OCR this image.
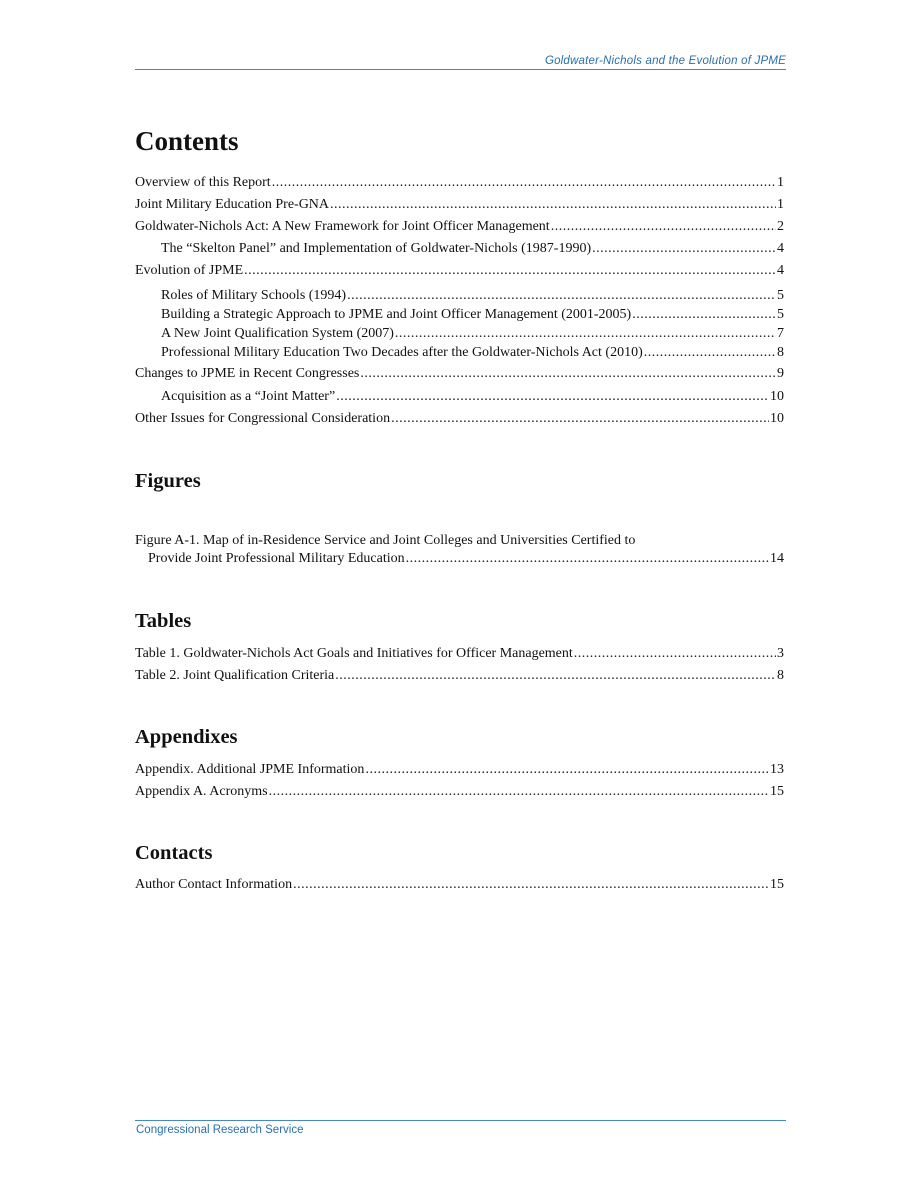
Goldwater-Nichols and the Evolution of JPME
Contents
Overview of this Report .....	1
Joint Military Education Pre-GNA .....	1
Goldwater-Nichols Act: A New Framework for Joint Officer Management .....	2
The “Skelton Panel” and Implementation of Goldwater-Nichols (1987-1990) .....	4
Evolution of JPME .....	4
Roles of Military Schools (1994) .....	5
Building a Strategic Approach to JPME and Joint Officer Management (2001-2005) .....	5
A New Joint Qualification System (2007) .....	7
Professional Military Education Two Decades after the Goldwater-Nichols Act (2010) .....	8
Changes to JPME in Recent Congresses .....	9
Acquisition as a “Joint Matter” .....	10
Other Issues for Congressional Consideration .....	10
Figures
Figure A-1. Map of in-Residence Service and Joint Colleges and Universities Certified to
Provide Joint Professional Military Education .....	14
Tables
Table 1. Goldwater-Nichols Act Goals and Initiatives for Officer Management .....	3
Table 2. Joint Qualification Criteria .....	8
Appendixes
Appendix. Additional JPME Information .....	13
Appendix A. Acronyms .....	15
Contacts
Author Contact Information .....	15
Congressional Research Service
